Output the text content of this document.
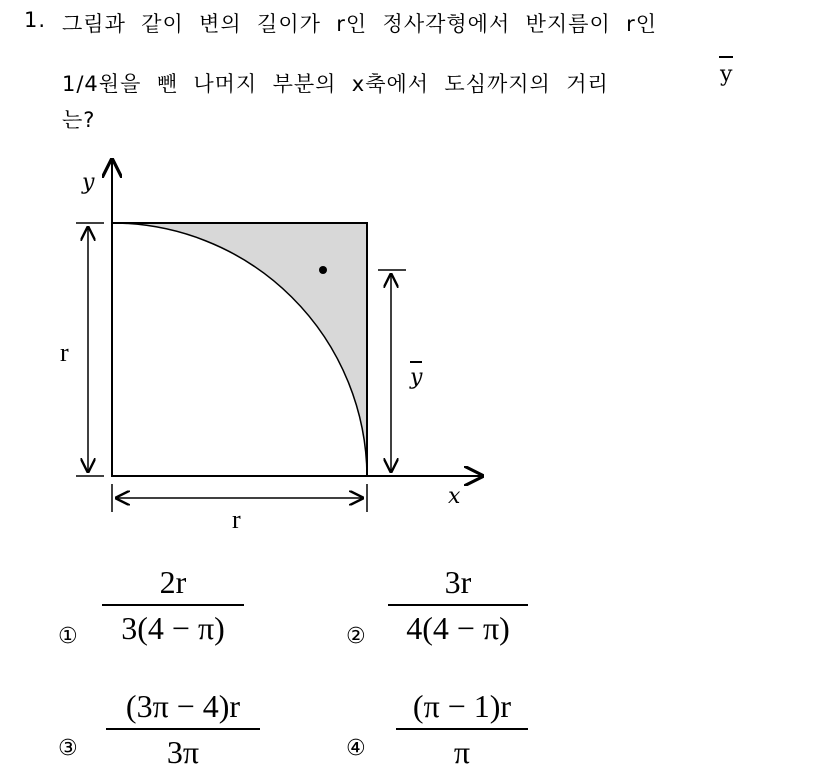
1. 그림과  같이  변의  길이가  r인  정사각형에서  반지름이  r인
1/4원을  뺀  나머지  부분의  x축에서  도심까지의  거리	y
는?
y
x
r
r
y
①
2r
3(4 − π)	②
3r
4(4 − π)
③
(3π − 4)r
3π	④
(π − 1)r
π
